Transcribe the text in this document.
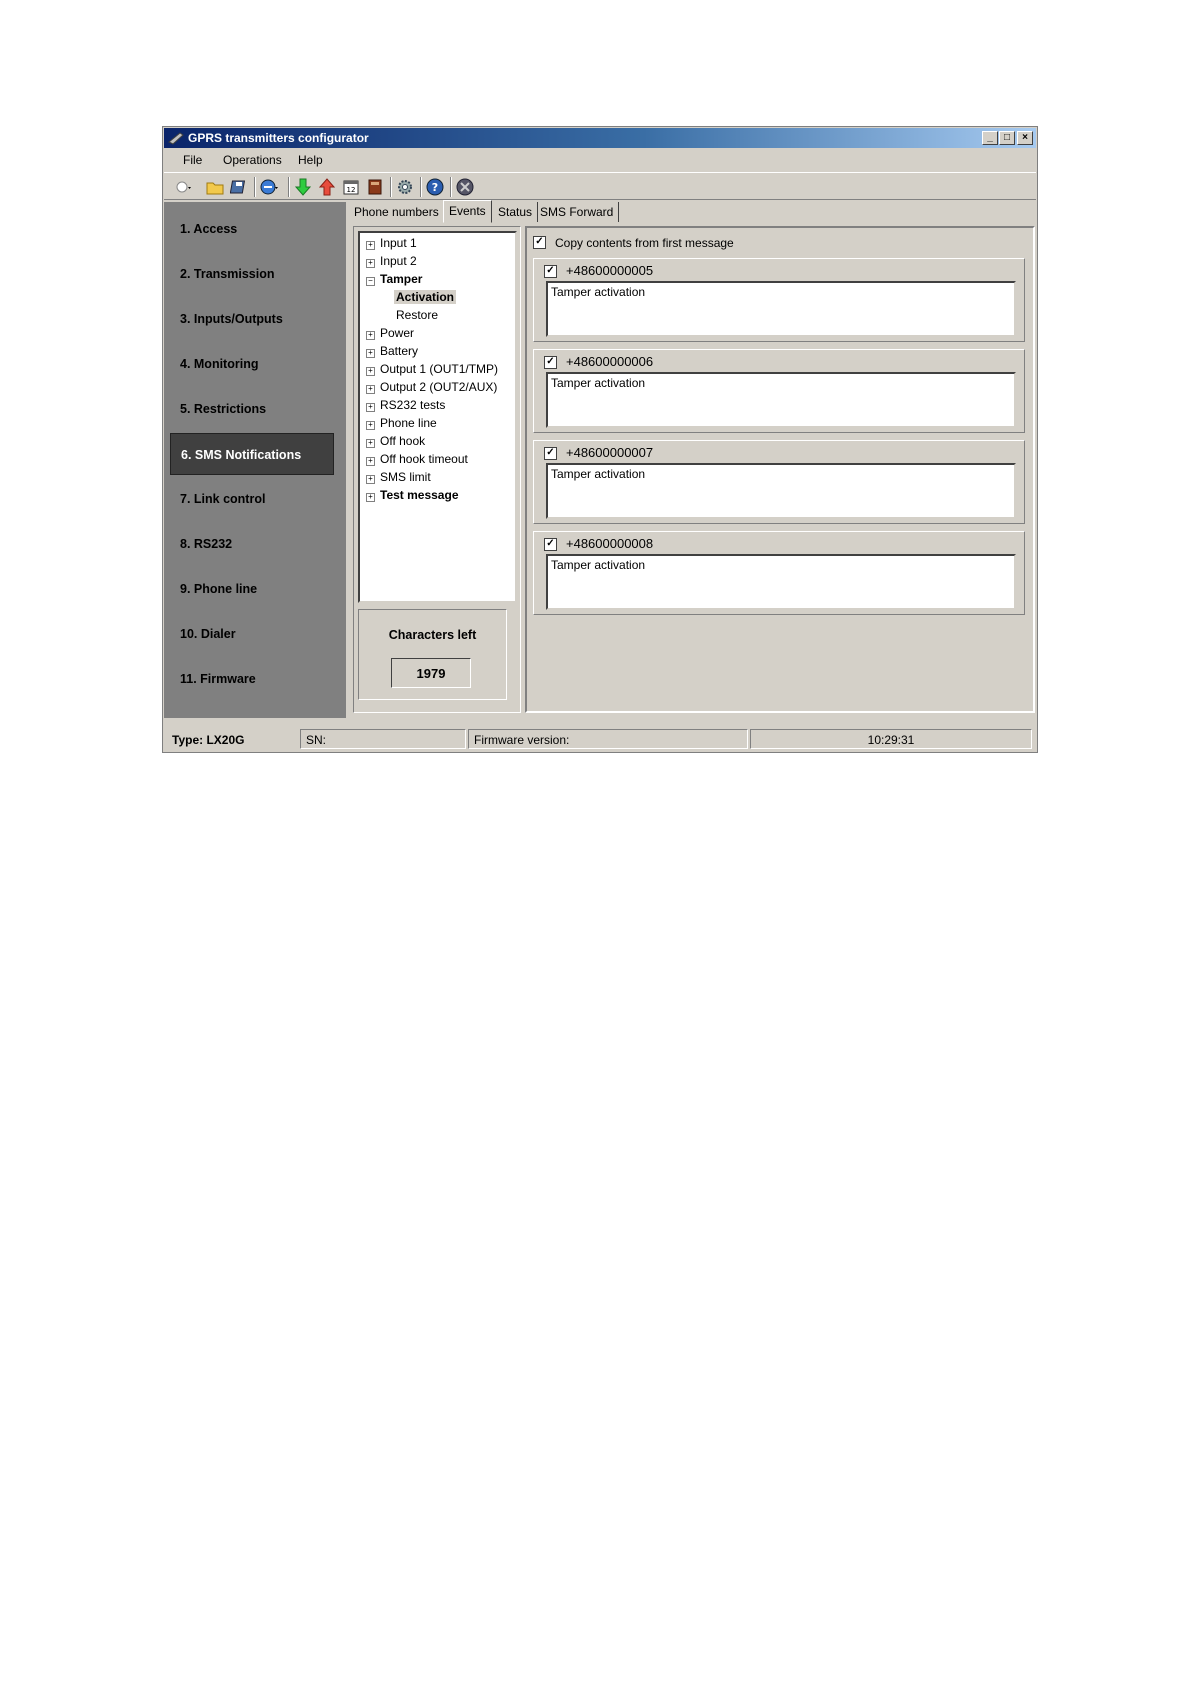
GPRS transmitters configurator	_	□	×
File Operations Help
12	?
1. Access
2. Transmission
3. Inputs/Outputs
4. Monitoring
5. Restrictions
6. SMS Notifications
7. Link control
8. RS232
9. Phone line
10. Dialer
11. Firmware
Phone numbers Events	Status SMS Forward
+ Input 1
+ Input 2
− Tamper
Activation
Restore
+ Power
+ Battery
+ Output 1 (OUT1/TMP)
+ Output 2 (OUT2/AUX)
+ RS232 tests
+ Phone line
+ Off hook
+ Off hook timeout
+ SMS limit
+ Test message
Characters left
1979
✓ Copy contents from first message
✓ +48600000005
Tamper activation
✓ +48600000006
Tamper activation
✓ +48600000007
Tamper activation
✓ +48600000008
Tamper activation
Type: LX20G	SN:	Firmware version:	10:29:31
